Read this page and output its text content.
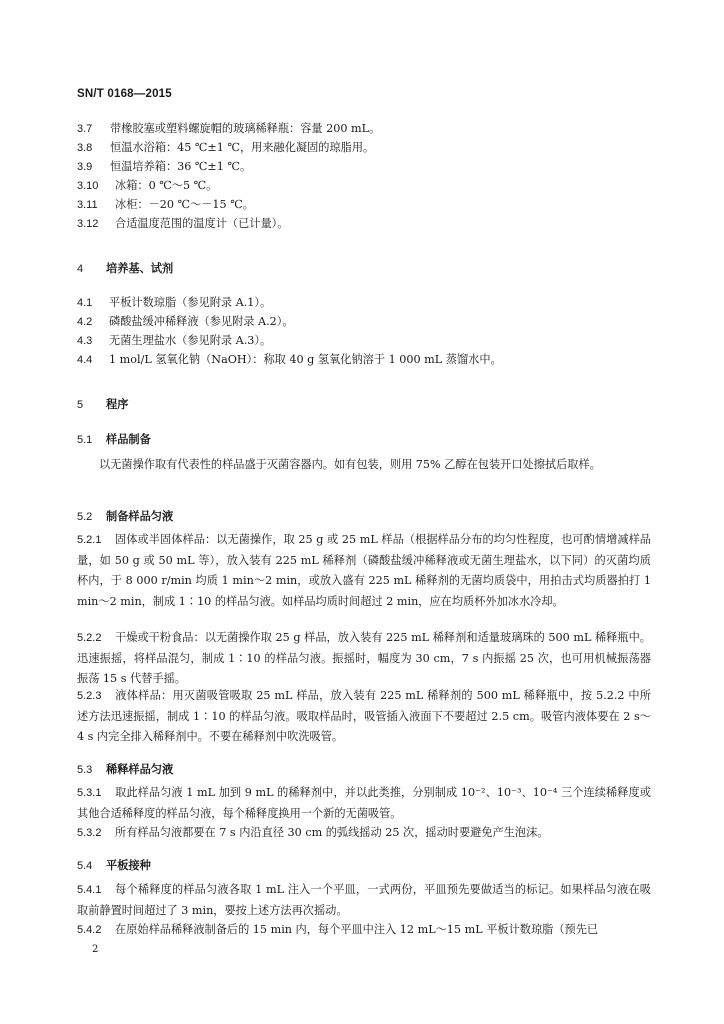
SN/T 0168—2015
3.7 带橡胶塞或塑料螺旋帽的玻璃稀释瓶：容量 200 mL。
3.8 恒温水浴箱：45 ℃±1 ℃，用来融化凝固的琼脂用。
3.9 恒温培养箱：36 ℃±1 ℃。
3.10 冰箱：0 ℃～5 ℃。
3.11 冰柜：－20 ℃～－15 ℃。
3.12 合适温度范围的温度计（已计量）。
4 培养基、试剂
4.1 平板计数琼脂（参见附录 A.1）。
4.2 磷酸盐缓冲稀释液（参见附录 A.2）。
4.3 无菌生理盐水（参见附录 A.3）。
4.4 1 mol/L 氢氧化钠（NaOH）：称取 40 g 氢氧化钠溶于 1 000 mL 蒸馏水中。
5 程序
5.1 样品制备

以无菌操作取有代表性的样品盛于灭菌容器内。如有包装，则用 75% 乙醇在包装开口处擦拭后取样。

5.2 制备样品匀液

5.2.1 固体或半固体样品：以无菌操作，取 25 g 或 25 mL 样品（根据样品分布的均匀性程度，也可酌情增减样品量，如 50 g 或 50 mL 等），放入装有 225 mL 稀释剂（磷酸盐缓冲稀释液或无菌生理盐水，以下同）的灭菌均质杯内，于 8 000 r/min 均质 1 min～2 min，或放入盛有 225 mL 稀释剂的无菌均质袋中，用拍击式均质器拍打 1 min～2 min，制成 1∶10 的样品匀液。如样品均质时间超过 2 min，应在均质杯外加冰水冷却。

5.2.2 干燥或干粉食品：以无菌操作取 25 g 样品，放入装有 225 mL 稀释剂和适量玻璃珠的 500 mL 稀释瓶中。迅速振摇，将样品混匀，制成 1∶10 的样品匀液。振摇时，幅度为 30 cm，7 s 内振摇 25 次，也可用机械振荡器振荡 15 s 代替手摇。

5.2.3 液体样品：用灭菌吸管吸取 25 mL 样品，放入装有 225 mL 稀释剂的 500 mL 稀释瓶中，按 5.2.2 中所述方法迅速振摇，制成 1∶10 的样品匀液。吸取样品时，吸管插入液面下不要超过 2.5 cm。吸管内液体要在 2 s～4 s 内完全排入稀释剂中。不要在稀释剂中吹洗吸管。

5.3 稀释样品匀液

5.3.1 取此样品匀液 1 mL 加到 9 mL 的稀释剂中，并以此类推，分别制成 10⁻²、10⁻³、10⁻⁴ 三个连续稀释度或其他合适稀释度的样品匀液，每个稀释度换用一个新的无菌吸管。

5.3.2 所有样品匀液都要在 7 s 内沿直径 30 cm 的弧线摇动 25 次，摇动时要避免产生泡沫。

5.4 平板接种

5.4.1 每个稀释度的样品匀液各取 1 mL 注入一个平皿，一式两份，平皿预先要做适当的标记。如果样品匀液在吸取前静置时间超过了 3 min，要按上述方法再次摇动。

5.4.2 在原始样品稀释液制备后的 15 min 内，每个平皿中注入 12 mL～15 mL 平板计数琼脂（预先已

2
